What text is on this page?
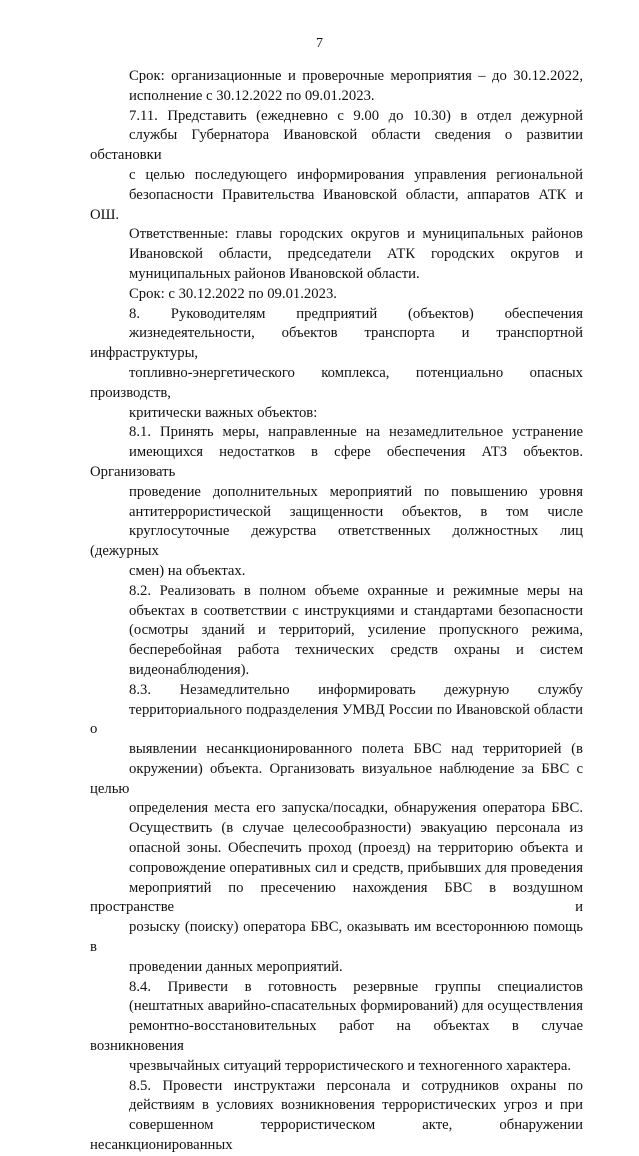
7

Срок: организационные и проверочные мероприятия – до 30.12.2022,
исполнение с 30.12.2022 по 09.01.2023.

7.11. Представить (ежедневно с 9.00 до 10.30) в отдел дежурной
службы Губернатора Ивановской области сведения о развитии обстановки
с целью последующего информирования управления региональной
безопасности Правительства Ивановской области, аппаратов АТК и ОШ.

Ответственные: главы городских округов и муниципальных районов
Ивановской области, председатели АТК городских округов и
муниципальных районов Ивановской области.

Срок: с 30.12.2022 по 09.01.2023.

8. Руководителям предприятий (объектов) обеспечения
жизнедеятельности, объектов транспорта и транспортной инфраструктуры,
топливно-энергетического комплекса, потенциально опасных производств,
критически важных объектов:

8.1. Принять меры, направленные на незамедлительное устранение
имеющихся недостатков в сфере обеспечения АТЗ объектов. Организовать
проведение дополнительных мероприятий по повышению уровня
антитеррористической защищенности объектов, в том числе
круглосуточные дежурства ответственных должностных лиц (дежурных
смен) на объектах.

8.2. Реализовать в полном объеме охранные и режимные меры на
объектах в соответствии с инструкциями и стандартами безопасности
(осмотры зданий и территорий, усиление пропускного режима,
бесперебойная работа технических средств охраны и систем
видеонаблюдения).

8.3. Незамедлительно информировать дежурную службу
территориального подразделения УМВД России по Ивановской области о
выявлении несанкционированного полета БВС над территорией (в
окружении) объекта. Организовать визуальное наблюдение за БВС с целью
определения места его запуска/посадки, обнаружения оператора БВС.
Осуществить (в случае целесообразности) эвакуацию персонала из
опасной зоны. Обеспечить проход (проезд) на территорию объекта и
сопровождение оперативных сил и средств, прибывших для проведения
мероприятий по пресечению нахождения БВС в воздушном пространстве и
розыску (поиску) оператора БВС, оказывать им всестороннюю помощь в
проведении данных мероприятий.

8.4. Привести в готовность резервные группы специалистов
(нештатных аварийно-спасательных формирований) для осуществления
ремонтно-восстановительных работ на объектах в случае возникновения
чрезвычайных ситуаций террористического и техногенного характера.

8.5. Провести инструктажи персонала и сотрудников охраны по
действиям в условиях возникновения террористических угроз и при
совершенном террористическом акте, обнаружении несанкционированных
